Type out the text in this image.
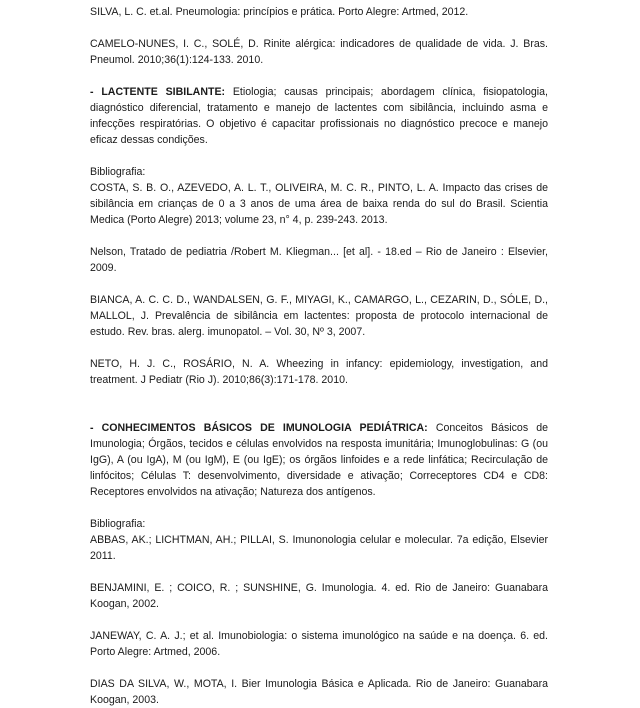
SILVA, L. C. et.al. Pneumologia: princípios e prática. Porto Alegre: Artmed, 2012.

CAMELO-NUNES, I. C., SOLÉ, D. Rinite alérgica: indicadores de qualidade de vida. J. Bras. Pneumol. 2010;36(1):124-133. 2010.

- LACTENTE SIBILANTE: Etiologia; causas principais; abordagem clínica, fisiopatologia, diagnóstico diferencial, tratamento e manejo de lactentes com sibilância, incluindo asma e infecções respiratórias. O objetivo é capacitar profissionais no diagnóstico precoce e manejo eficaz dessas condições.

Bibliografia:

COSTA, S. B. O., AZEVEDO, A. L. T., OLIVEIRA, M. C. R., PINTO, L. A. Impacto das crises de sibilância em crianças de 0 a 3 anos de uma área de baixa renda do sul do Brasil. Scientia Medica (Porto Alegre) 2013; volume 23, n° 4, p. 239-243. 2013.

Nelson, Tratado de pediatria /Robert M. Kliegman... [et al]. - 18.ed – Rio de Janeiro : Elsevier, 2009.

BIANCA, A. C. C. D., WANDALSEN, G. F., MIYAGI, K., CAMARGO, L., CEZARIN, D., SÓLE, D., MALLOL, J. Prevalência de sibilância em lactentes: proposta de protocolo internacional de estudo. Rev. bras. alerg. imunopatol. – Vol. 30, Nº 3, 2007.

NETO, H. J. C., ROSÁRIO, N. A. Wheezing in infancy: epidemiology, investigation, and treatment. J Pediatr (Rio J). 2010;86(3):171-178. 2010.

- CONHECIMENTOS BÁSICOS DE IMUNOLOGIA PEDIÁTRICA: Conceitos Básicos de Imunologia; Órgãos, tecidos e células envolvidos na resposta imunitária; Imunoglobulinas: G (ou IgG), A (ou IgA), M (ou IgM), E (ou IgE); os órgãos linfoides e a rede linfática; Recirculação de linfócitos; Células T: desenvolvimento, diversidade e ativação; Correceptores CD4 e CD8: Receptores envolvidos na ativação; Natureza dos antígenos.

Bibliografia:

ABBAS, AK.; LICHTMAN, AH.; PILLAI, S. Imunonologia celular e molecular. 7a edição, Elsevier 2011.

BENJAMINI, E. ; COICO, R. ; SUNSHINE, G. Imunologia. 4. ed. Rio de Janeiro: Guanabara Koogan, 2002.

JANEWAY, C. A. J.; et al. Imunobiologia: o sistema imunológico na saúde e na doença. 6. ed. Porto Alegre: Artmed, 2006.

DIAS DA SILVA, W., MOTA, I. Bier Imunologia Básica e Aplicada. Rio de Janeiro: Guanabara Koogan, 2003.
